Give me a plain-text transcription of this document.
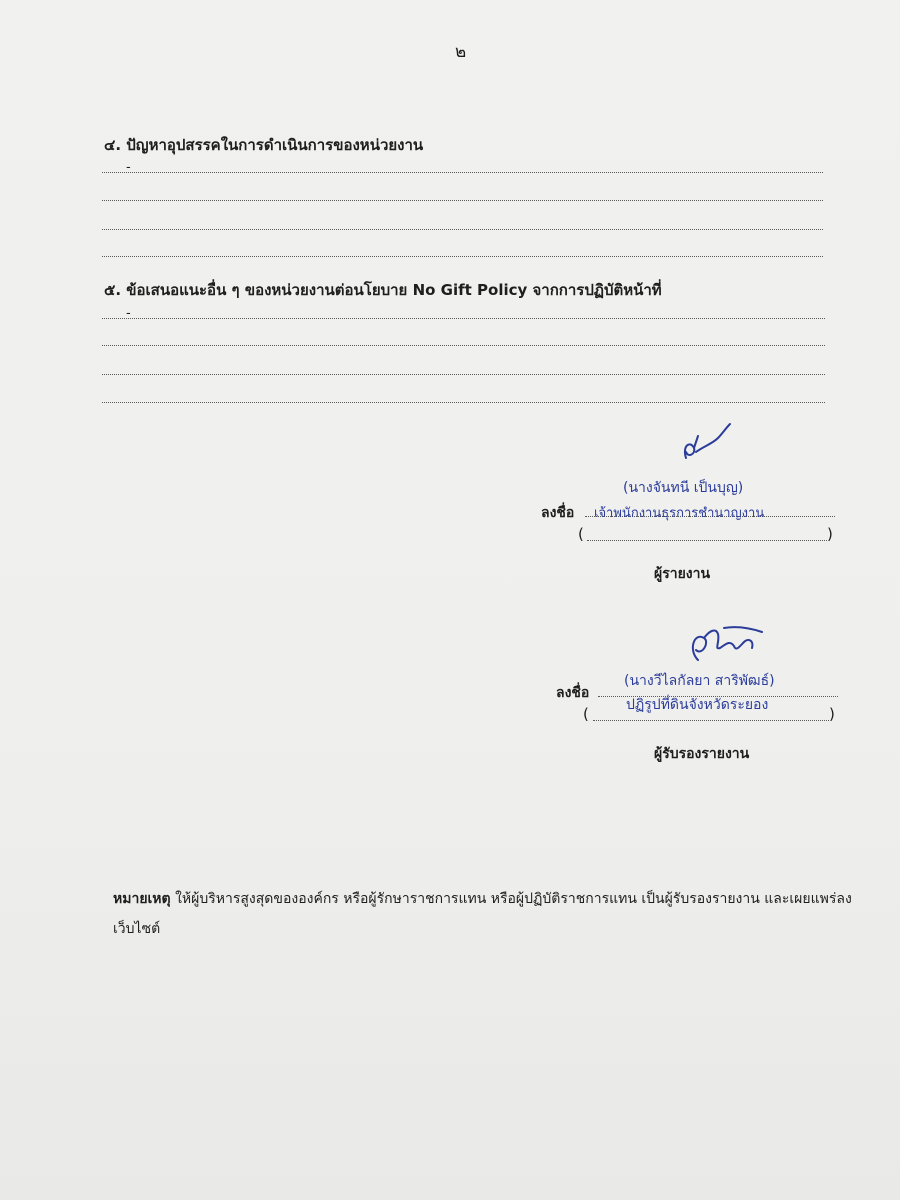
๒
๔. ปัญหาอุปสรรคในการดำเนินการของหน่วยงาน
-
๕. ข้อเสนอแนะอื่น ๆ ของหน่วยงานต่อนโยบาย No Gift Policy จากการปฏิบัติหน้าที่
-
(นางจันทนี เป็นบุญ)
ลงชื่อ เจ้าพนักงานธุรการชำนาญงาน
(	)
ผู้รายงาน
(นางวีไลกัลยา สาริพัฒธ์)
ลงชื่อ
ปฏิรูปที่ดินจังหวัดระยอง
(	)
ผู้รับรองรายงาน
หมายเหตุ ให้ผู้บริหารสูงสุดขององค์กร หรือผู้รักษาราชการแทน หรือผู้ปฏิบัติราชการแทน เป็นผู้รับรองรายงาน และเผยแพร่ลงเว็บไซต์
